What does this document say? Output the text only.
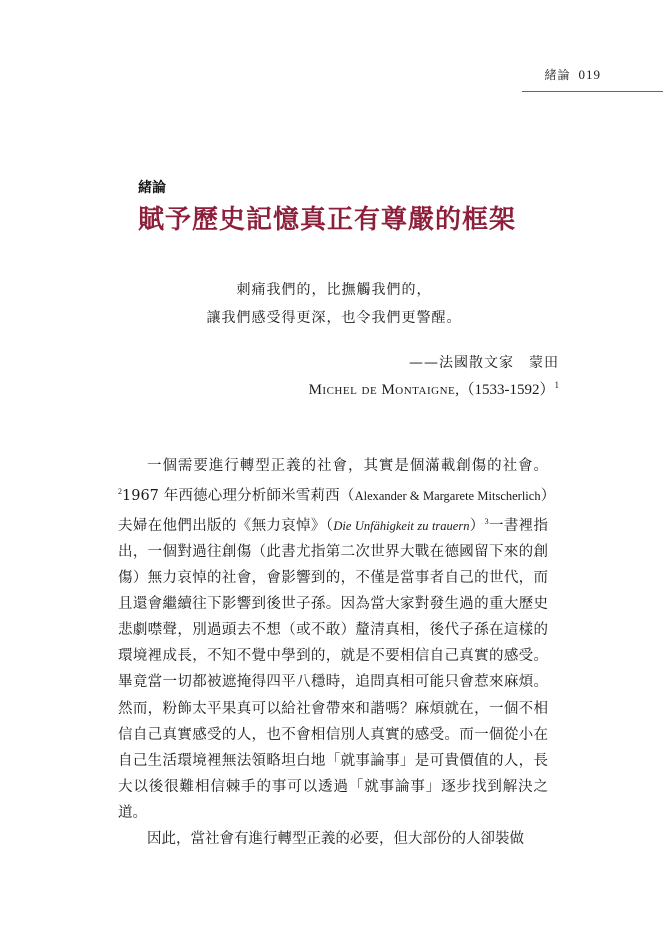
緒論 019
緒論
賦予歷史記憶真正有尊嚴的框架
刺痛我們的，比撫觸我們的，
讓我們感受得更深，也令我們更警醒。
——法國散文家　蒙田
Michel de Montaigne,（1533-1592）$^1$

一個需要進行轉型正義的社會，其實是個滿載創傷的社會。$^2$1967 年西德心理分析師米雪莉西（Alexander & Margarete Mitscherlich）夫婦在他們出版的《無力哀悼》（Die Unfähigkeit zu trauern）$^3$一書裡指出，一個對過往創傷（此書尤指第二次世界大戰在德國留下來的創傷）無力哀悼的社會，會影響到的，不僅是當事者自己的世代，而且還會繼續往下影響到後世子孫。因為當大家對發生過的重大歷史悲劇噤聲，別過頭去不想（或不敢）釐清真相，後代子孫在這樣的環境裡成長，不知不覺中學到的，就是不要相信自己真實的感受。畢竟當一切都被遮掩得四平八穩時，追問真相可能只會惹來麻煩。然而，粉飾太平果真可以給社會帶來和諧嗎？麻煩就在，一個不相信自己真實感受的人，也不會相信別人真實的感受。而一個從小在自己生活環境裡無法領略坦白地「就事論事」是可貴價值的人，長大以後很難相信棘手的事可以透過「就事論事」逐步找到解決之道。

因此，當社會有進行轉型正義的必要，但大部份的人卻裝做
